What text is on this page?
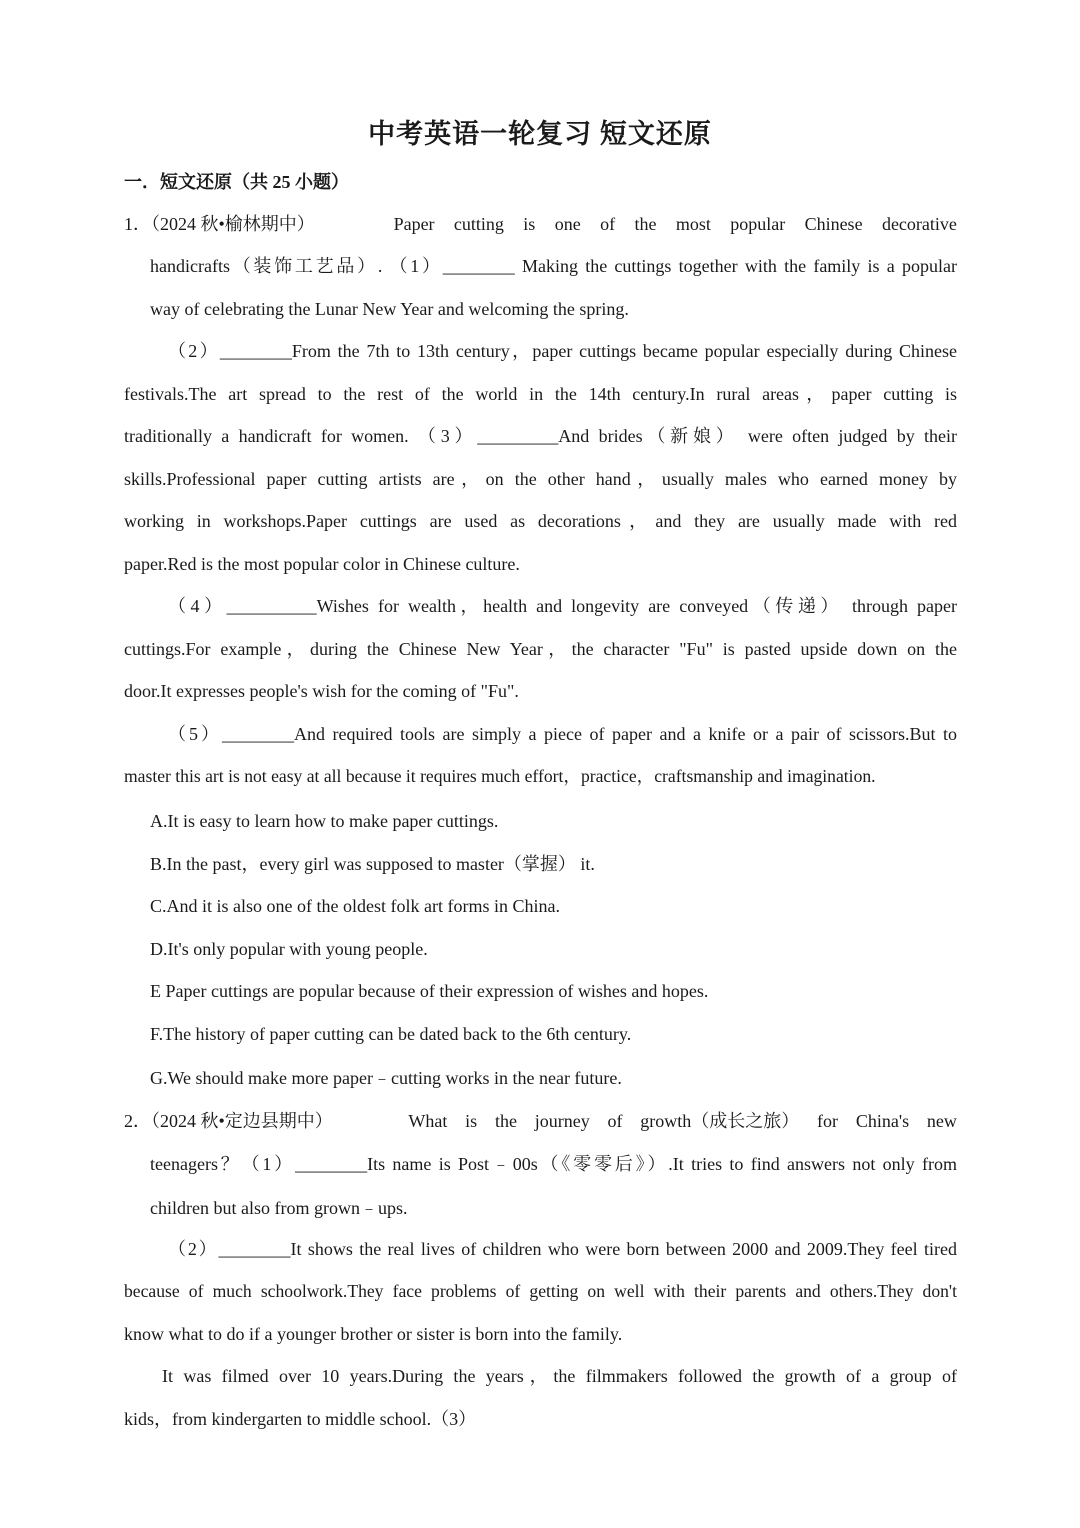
中考英语一轮复习 短文还原
一．短文还原（共 25 小题）
1．（2024 秋•榆林期中）	Paper cutting is one of the most popular Chinese decorative
handicrafts（装饰工艺品）. （1）________ Making the cuttings together with the family is a popular
way of celebrating the Lunar New Year and welcoming the spring.
（2）________From the 7th to 13th century，paper cuttings became popular especially during Chinese
festivals.The art spread to the rest of the world in the 14th century.In rural areas，paper cutting is
traditionally a handicraft for women. （3）_________And brides（新娘） were often judged by their
skills.Professional paper cutting artists are，on the other hand，usually males who earned money by
working in workshops.Paper cuttings are used as decorations，and they are usually made with red
paper.Red is the most popular color in Chinese culture.
（4）__________Wishes for wealth，health and longevity are conveyed（传递） through paper
cuttings.For example，during the Chinese New Year，the character "Fu" is pasted upside down on the
door.It expresses people's wish for the coming of "Fu".
（5）________And required tools are simply a piece of paper and a knife or a pair of scissors.But to
master this art is not easy at all because it requires much effort，practice，craftsmanship and imagination.
A.It is easy to learn how to make paper cuttings.
B.In the past，every girl was supposed to master（掌握） it.
C.And it is also one of the oldest folk art forms in China.
D.It's only popular with young people.
E Paper cuttings are popular because of their expression of wishes and hopes.
F.The history of paper cutting can be dated back to the 6th century.
G.We should make more paper﹣cutting works in the near future.
2．（2024 秋•定边县期中）	What is the journey of growth（成长之旅） for China's new
teenagers？（1）________Its name is Post﹣00s（《零零后》）.It tries to find answers not only from
children but also from grown﹣ups.
（2）________It shows the real lives of children who were born between 2000 and 2009.They feel tired
because of much schoolwork.They face problems of getting on well with their parents and others.They don't
know what to do if a younger brother or sister is born into the family.
It was filmed over 10 years.During the years，the filmmakers followed the growth of a group of
kids，from kindergarten to middle school.（3）
